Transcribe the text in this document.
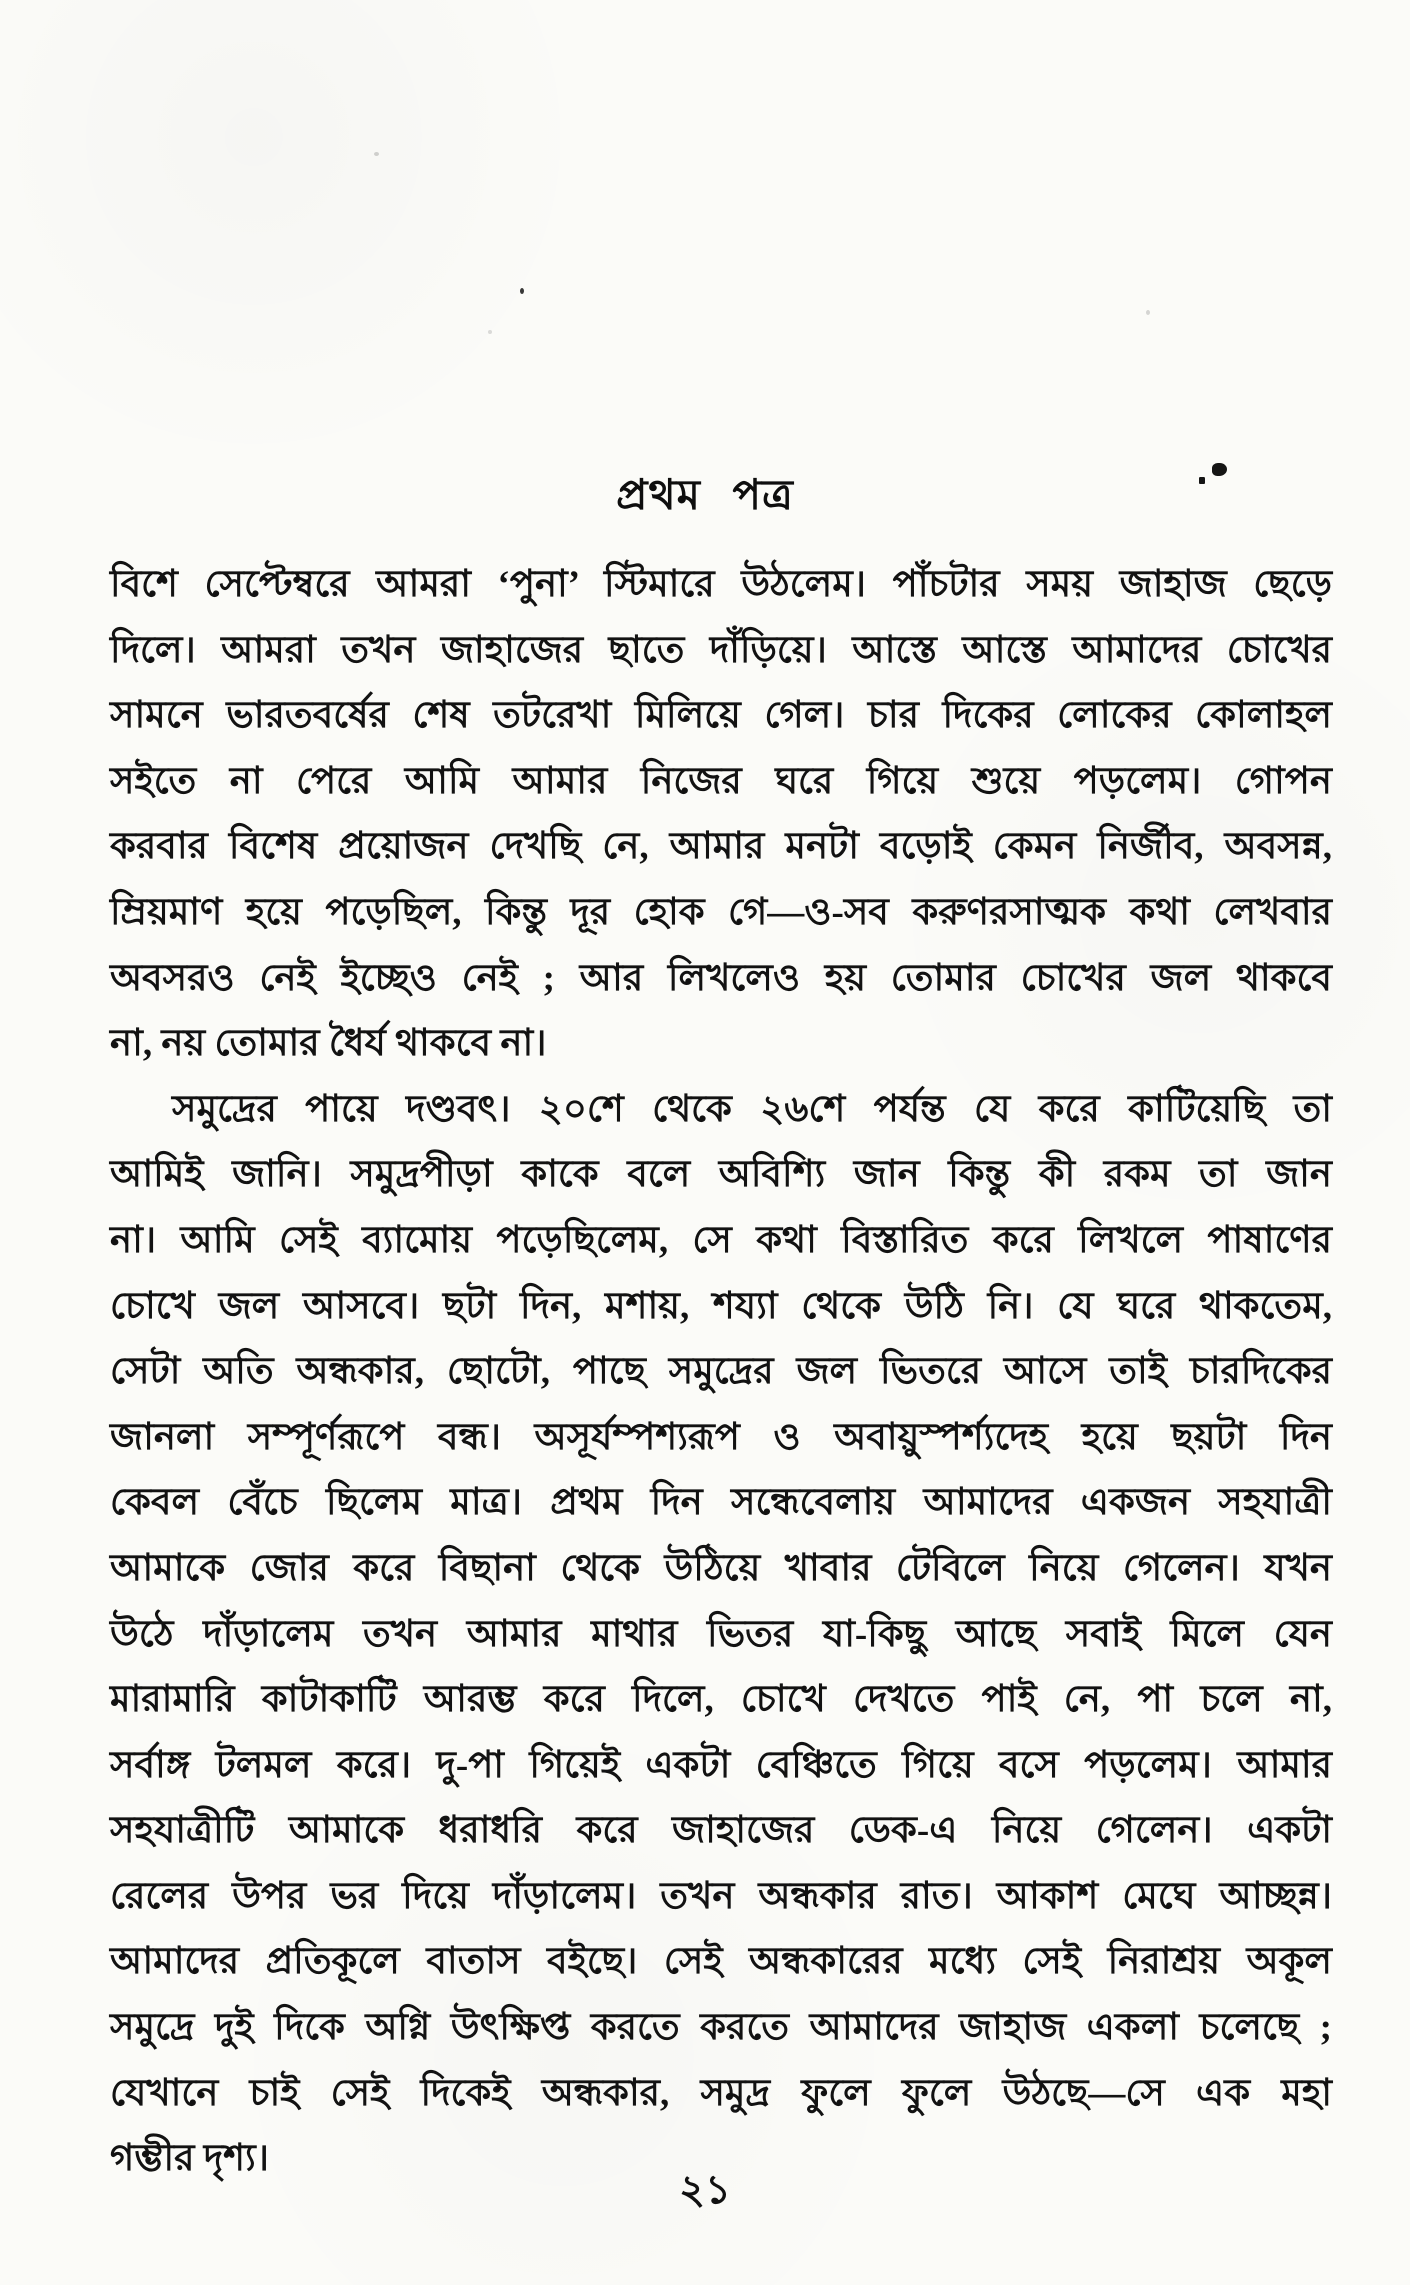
প্রথম পত্র
বিশে সেপ্টেম্বরে আমরা ‘পুনা’ স্টিমারে উঠলেম। পাঁচটার সময় জাহাজ ছেড়ে
দিলে। আমরা তখন জাহাজের ছাতে দাঁড়িয়ে। আস্তে আস্তে আমাদের চোখের
সামনে ভারতবর্ষের শেষ তটরেখা মিলিয়ে গেল। চার দিকের লোকের কোলাহল
সইতে না পেরে আমি আমার নিজের ঘরে গিয়ে শুয়ে পড়লেম। গোপন
করবার বিশেষ প্রয়োজন দেখছি নে, আমার মনটা বড়োই কেমন নির্জীব, অবসন্ন,
ম্রিয়মাণ হয়ে পড়েছিল, কিন্তু দূর হোক গে—ও-সব করুণরসাত্মক কথা লেখবার
অবসরও নেই ইচ্ছেও নেই ; আর লিখলেও হয় তোমার চোখের জল থাকবে
না, নয় তোমার ধৈর্য থাকবে না।
সমুদ্রের পায়ে দণ্ডবৎ। ২০শে থেকে ২৬শে পর্যন্ত যে করে কাটিয়েছি তা
আমিই জানি। সমুদ্রপীড়া কাকে বলে অবিশ্যি জান কিন্তু কী রকম তা জান
না। আমি সেই ব্যামোয় পড়েছিলেম, সে কথা বিস্তারিত করে লিখলে পাষাণের
চোখে জল আসবে। ছটা দিন, মশায়, শয্যা থেকে উঠি নি। যে ঘরে থাকতেম,
সেটা অতি অন্ধকার, ছোটো, পাছে সমুদ্রের জল ভিতরে আসে তাই চারদিকের
জানলা সম্পূর্ণরূপে বন্ধ। অসূর্যম্পশ্যরূপ ও অবায়ুস্পর্শ্যদেহ হয়ে ছয়টা দিন
কেবল বেঁচে ছিলেম মাত্র। প্রথম দিন সন্ধেবেলায় আমাদের একজন সহযাত্রী
আমাকে জোর করে বিছানা থেকে উঠিয়ে খাবার টেবিলে নিয়ে গেলেন। যখন
উঠে দাঁড়ালেম তখন আমার মাথার ভিতর যা-কিছু আছে সবাই মিলে যেন
মারামারি কাটাকাটি আরম্ভ করে দিলে, চোখে দেখতে পাই নে, পা চলে না,
সর্বাঙ্গ টলমল করে। দু-পা গিয়েই একটা বেঞ্চিতে গিয়ে বসে পড়লেম। আমার
সহযাত্রীটি আমাকে ধরাধরি করে জাহাজের ডেক-এ নিয়ে গেলেন। একটা
রেলের উপর ভর দিয়ে দাঁড়ালেম। তখন অন্ধকার রাত। আকাশ মেঘে আচ্ছন্ন।
আমাদের প্রতিকূলে বাতাস বইছে। সেই অন্ধকারের মধ্যে সেই নিরাশ্রয় অকূল
সমুদ্রে দুই দিকে অগ্নি উৎক্ষিপ্ত করতে করতে আমাদের জাহাজ একলা চলেছে ;
যেখানে চাই সেই দিকেই অন্ধকার, সমুদ্র ফুলে ফুলে উঠছে—সে এক মহা
গম্ভীর দৃশ্য।
২১
